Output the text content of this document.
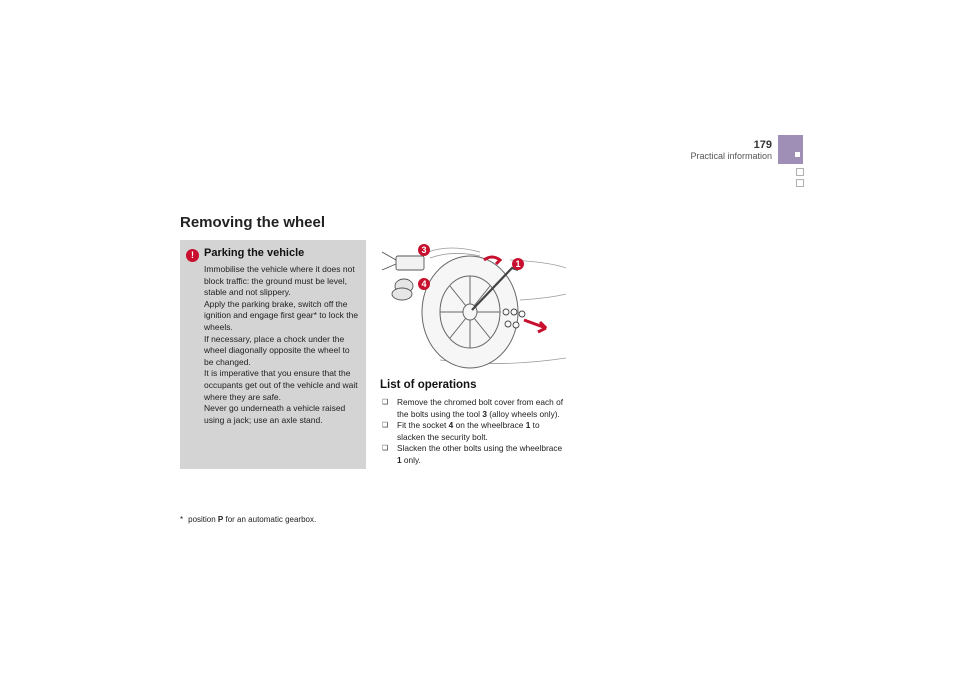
179
Practical information
Removing the wheel
! Parking the vehicle

Immobilise the vehicle where it does not block traffic: the ground must be level, stable and not slippery.

Apply the parking brake, switch off the ignition and engage first gear* to lock the wheels.

If necessary, place a chock under the wheel diagonally opposite the wheel to be changed.

It is imperative that you ensure that the occupants get out of the vehicle and wait where they are safe.

Never go underneath a vehicle raised using a jack; use an axle stand.

* position P for an automatic gearbox.
3
4
1
List of operations
❑ Remove the chromed bolt cover from each of the bolts using the tool 3 (alloy wheels only).
❑ Fit the socket 4 on the wheelbrace 1 to slacken the security bolt.
❑ Slacken the other bolts using the wheelbrace 1 only.
